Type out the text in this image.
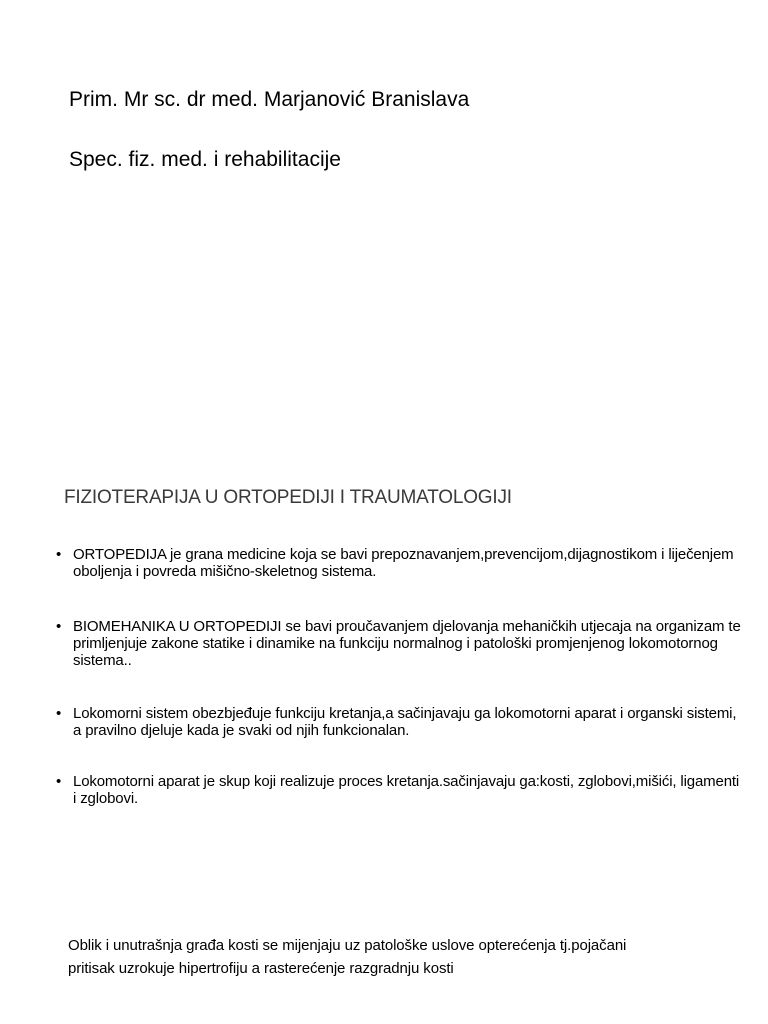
Prim. Mr sc. dr med. Marjanović Branislava
Spec. fiz. med. i rehabilitacije
FIZIOTERAPIJA U ORTOPEDIJI I TRAUMATOLOGIJI
• ORTOPEDIJA je grana medicine koja se bavi prepoznavanjem,prevencijom,dijagnostikom i liječenjem oboljenja i povreda mišično-skeletnog sistema.
• BIOMEHANIKA U ORTOPEDIJI se bavi proučavanjem djelovanja mehaničkih utjecaja na organizam te primljenjuje zakone statike i dinamike na funkciju normalnog i patološki promjenjenog lokomotornog sistema..
• Lokomorni sistem obezbjeđuje funkciju kretanja,a sačinjavaju ga lokomotorni aparat i organski sistemi, a pravilno djeluje kada je svaki od njih funkcionalan.
• Lokomotorni aparat je skup koji realizuje proces kretanja.sačinjavaju ga:kosti, zglobovi,mišići, ligamenti i zglobovi.
Oblik i unutrašnja građa kosti se mijenjaju uz patološke uslove opterećenja tj.pojačani pritisak uzrokuje hipertrofiju a rasterećenje razgradnju kosti
